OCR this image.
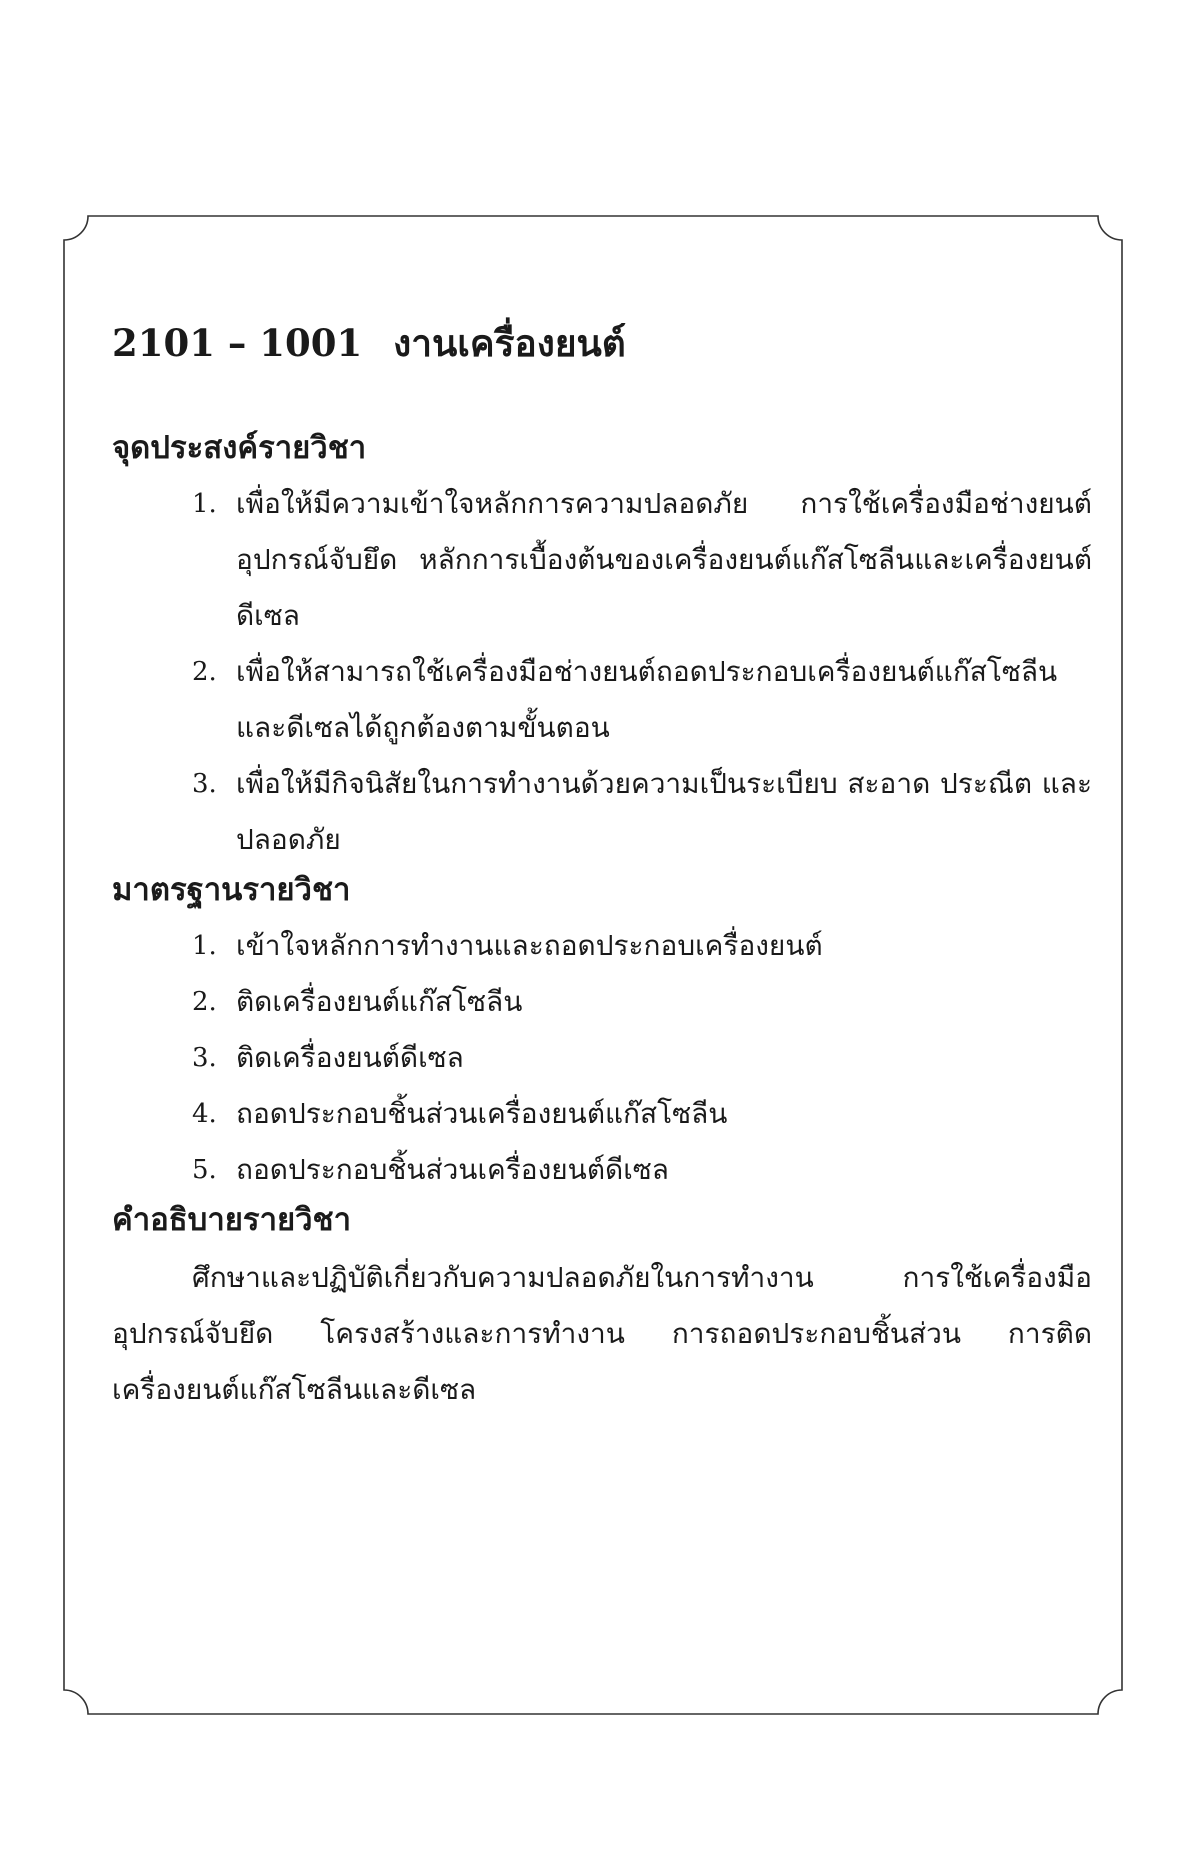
2101 – 1001 งานเครื่องยนต์
จุดประสงค์รายวิชา
1. เพื่อให้มีความเข้าใจหลักการความปลอดภัย การใช้เครื่องมือช่างยนต์ อุปกรณ์จับยึด หลักการเบื้องต้นของเครื่องยนต์แก๊สโซลีนและเครื่องยนต์ดีเซล
2. เพื่อให้สามารถใช้เครื่องมือช่างยนต์ถอดประกอบเครื่องยนต์แก๊สโซลีนและดีเซลได้ถูกต้องตามขั้นตอน
3. เพื่อให้มีกิจนิสัยในการทำงานด้วยความเป็นระเบียบ สะอาด ประณีต และปลอดภัย
มาตรฐานรายวิชา
1. เข้าใจหลักการทำงานและถอดประกอบเครื่องยนต์
2. ติดเครื่องยนต์แก๊สโซลีน
3. ติดเครื่องยนต์ดีเซล
4. ถอดประกอบชิ้นส่วนเครื่องยนต์แก๊สโซลีน
5. ถอดประกอบชิ้นส่วนเครื่องยนต์ดีเซล
คำอธิบายรายวิชา

ศึกษาและปฏิบัติเกี่ยวกับความปลอดภัยในการทำงาน การใช้เครื่องมือ อุปกรณ์จับยึด โครงสร้างและการทำงาน การถอดประกอบชิ้นส่วน การติดเครื่องยนต์แก๊สโซลีนและดีเซล
